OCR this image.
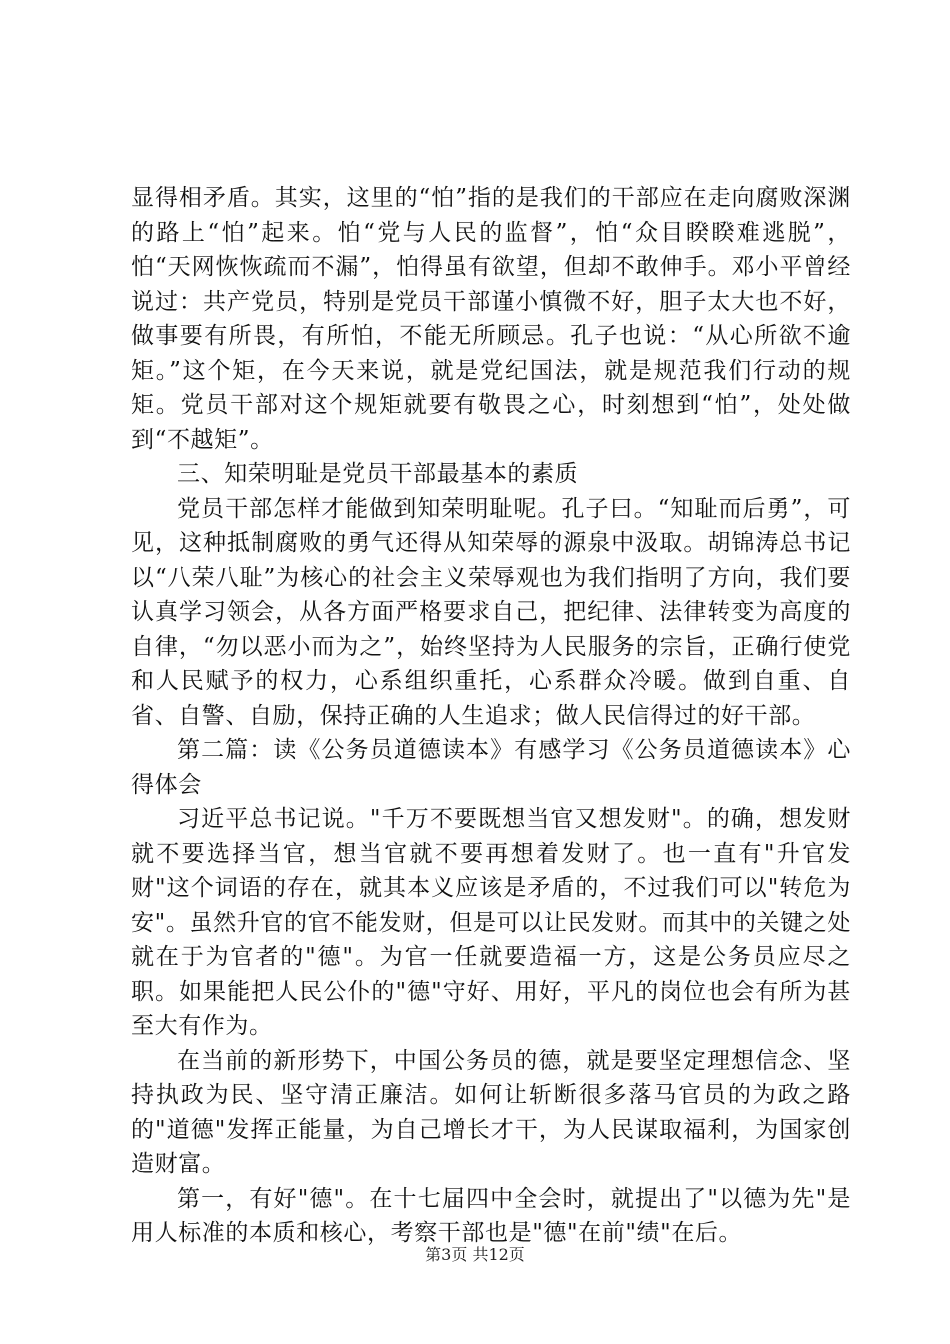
显得相矛盾。其实，这里的“怕”指的是我们的干部应在走向腐败深渊的路上“怕”起来。怕“党与人民的监督”，怕“众目睽睽难逃脱”，怕“天网恢恢疏而不漏”，怕得虽有欲望，但却不敢伸手。邓小平曾经说过：共产党员，特别是党员干部谨小慎微不好，胆子太大也不好，做事要有所畏，有所怕，不能无所顾忌。孔子也说：“从心所欲不逾矩。”这个矩，在今天来说，就是党纪国法，就是规范我们行动的规矩。党员干部对这个规矩就要有敬畏之心，时刻想到“怕”，处处做到“不越矩”。

三、知荣明耻是党员干部最基本的素质

党员干部怎样才能做到知荣明耻呢。孔子曰。“知耻而后勇”，可见，这种抵制腐败的勇气还得从知荣辱的源泉中汲取。胡锦涛总书记以“八荣八耻”为核心的社会主义荣辱观也为我们指明了方向，我们要认真学习领会，从各方面严格要求自己，把纪律、法律转变为高度的自律，“勿以恶小而为之”，始终坚持为人民服务的宗旨，正确行使党和人民赋予的权力，心系组织重托，心系群众冷暖。做到自重、自省、自警、自励，保持正确的人生追求；做人民信得过的好干部。

第二篇：读《公务员道德读本》有感学习《公务员道德读本》心得体会

习近平总书记说。"千万不要既想当官又想发财"。的确，想发财就不要选择当官，想当官就不要再想着发财了。也一直有"升官发财"这个词语的存在，就其本义应该是矛盾的，不过我们可以"转危为安"。虽然升官的官不能发财，但是可以让民发财。而其中的关键之处就在于为官者的"德"。为官一任就要造福一方，这是公务员应尽之职。如果能把人民公仆的"德"守好、用好，平凡的岗位也会有所为甚至大有作为。

在当前的新形势下，中国公务员的德，就是要坚定理想信念、坚持执政为民、坚守清正廉洁。如何让斩断很多落马官员的为政之路的"道德"发挥正能量，为自己增长才干，为人民谋取福利，为国家创造财富。

第一，有好"德"。在十七届四中全会时，就提出了"以德为先"是用人标准的本质和核心，考察干部也是"德"在前"绩"在后。

第3页 共12页
